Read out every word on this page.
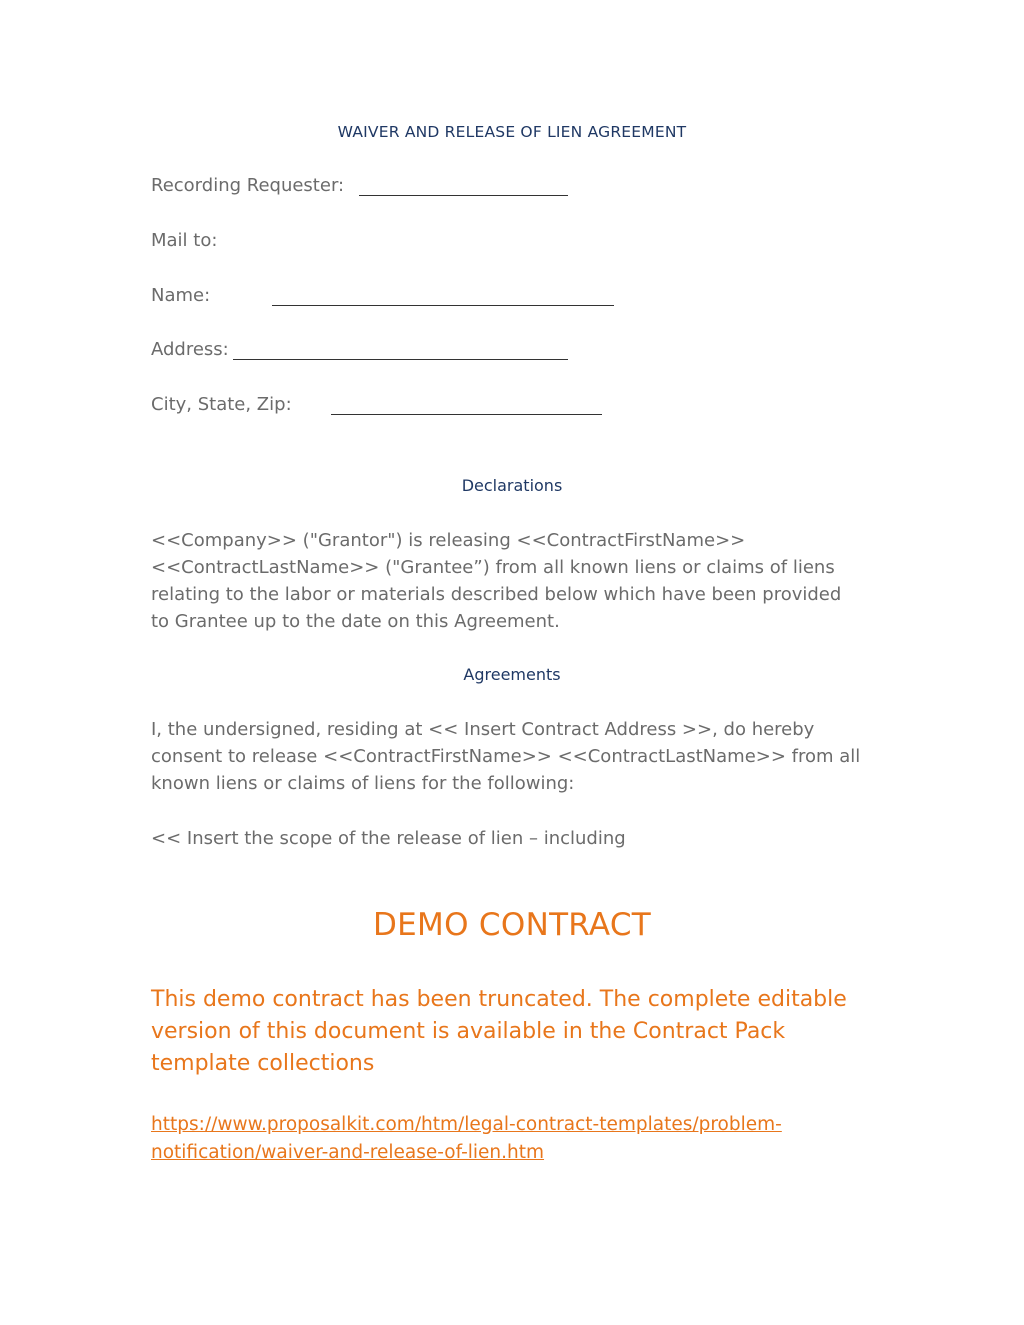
WAIVER AND RELEASE OF LIEN AGREEMENT
Recording Requester:
Mail to:
Name:
Address:
City, State, Zip:
Declarations
<<Company>> ("Grantor") is releasing <<ContractFirstName>>
<<ContractLastName>> ("Grantee”) from all known liens or claims of liens
relating to the labor or materials described below which have been provided
to Grantee up to the date on this Agreement.
Agreements
I, the undersigned, residing at << Insert Contract Address >>, do hereby
consent to release <<ContractFirstName>> <<ContractLastName>> from all
known liens or claims of liens for the following:
<< Insert the scope of the release of lien – including
DEMO CONTRACT
This demo contract has been truncated. The complete editable
version of this document is available in the Contract Pack
template collections
https://www.proposalkit.com/htm/legal-contract-templates/problem-
notification/waiver-and-release-of-lien.htm
